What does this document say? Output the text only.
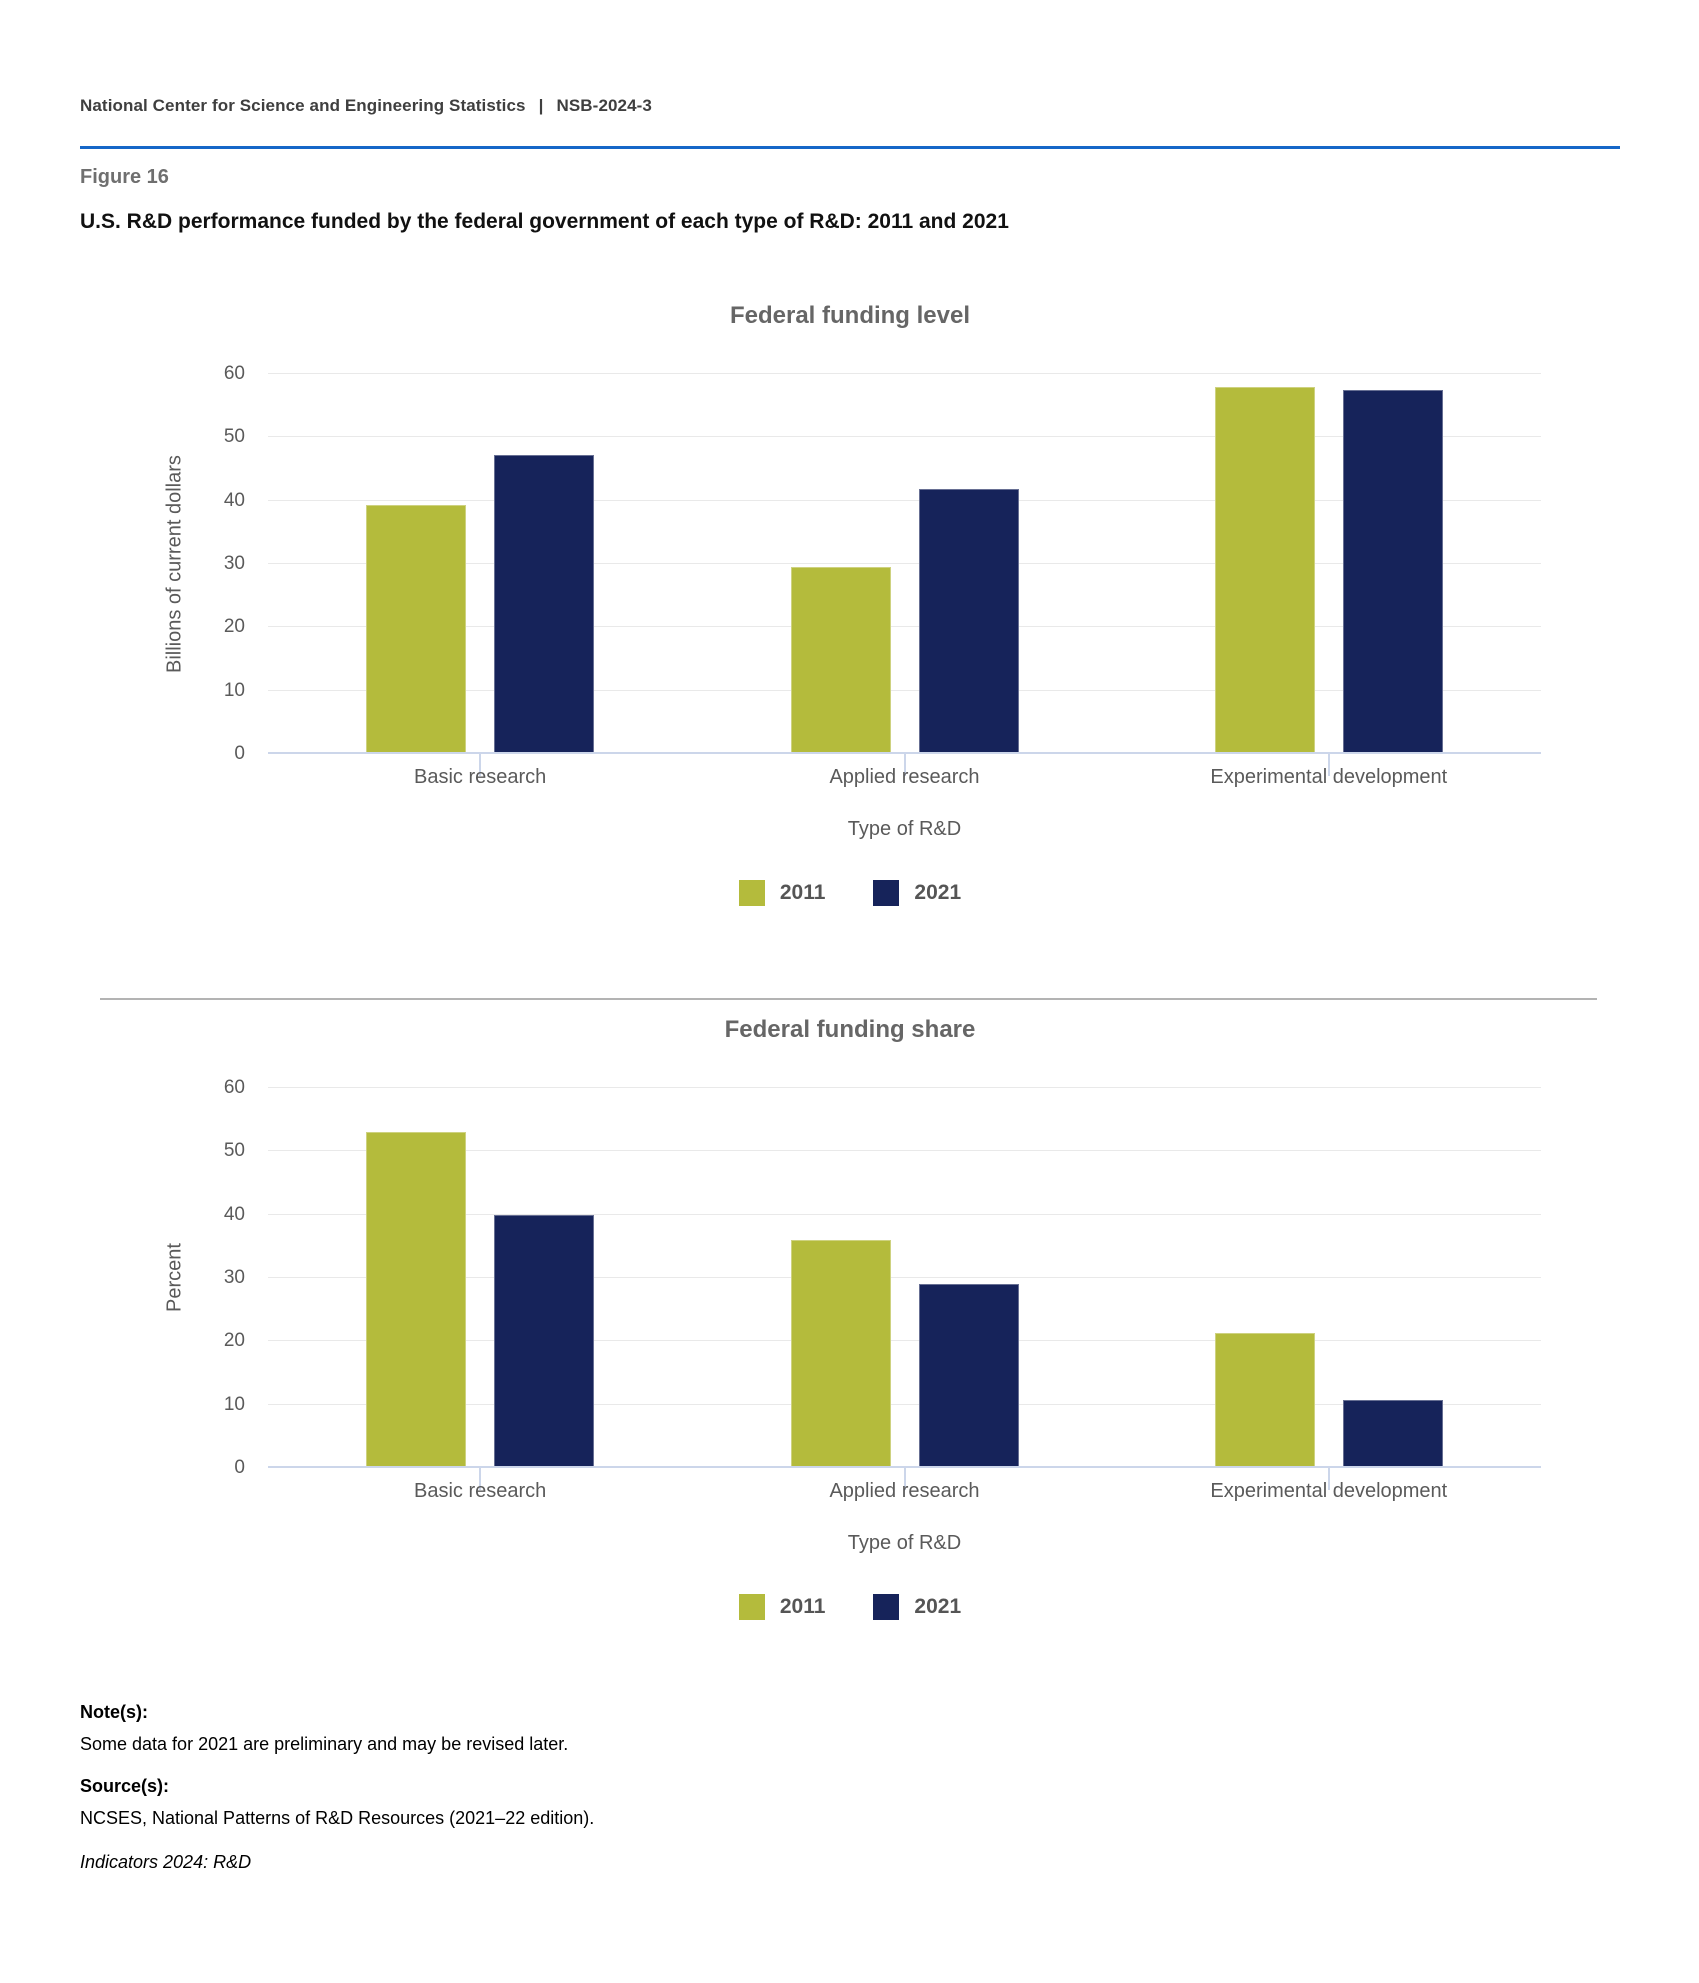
National Center for Science and Engineering Statistics | NSB-2024-3
Figure 16
U.S. R&D performance funded by the federal government of each type of R&D: 2011 and 2021
Federal funding level
Billions of current dollars
0
10
20
30
40
50
60
Basic research	Applied research	Experimental development
Type of R&D
2011	2021
Federal funding share
Percent
0
10
20
30
40
50
60
Basic research	Applied research	Experimental development
Type of R&D
2011	2021
Note(s):
Some data for 2021 are preliminary and may be revised later.
Source(s):
NCSES, National Patterns of R&D Resources (2021–22 edition).
Indicators 2024: R&D
